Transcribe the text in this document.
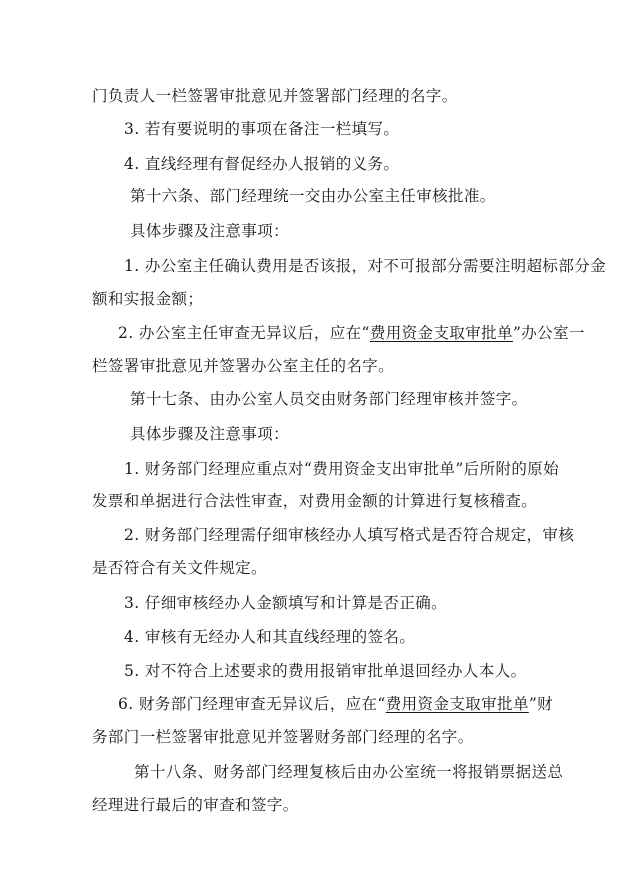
门负责人一栏签署审批意见并签署部门经理的名字。
3. 若有要说明的事项在备注一栏填写。
4. 直线经理有督促经办人报销的义务。
第十六条、部门经理统一交由办公室主任审核批准。
具体步骤及注意事项：
1. 办公室主任确认费用是否该报，对不可报部分需要注明超标部分金
额和实报金额；
2. 办公室主任审查无异议后，应在“费用资金支取审批单”办公室一
栏签署审批意见并签署办公室主任的名字。
第十七条、由办公室人员交由财务部门经理审核并签字。
具体步骤及注意事项：
1. 财务部门经理应重点对“费用资金支出审批单”后所附的原始
发票和单据进行合法性审查，对费用金额的计算进行复核稽查。
2. 财务部门经理需仔细审核经办人填写格式是否符合规定，审核
是否符合有关文件规定。
3. 仔细审核经办人金额填写和计算是否正确。
4. 审核有无经办人和其直线经理的签名。
5. 对不符合上述要求的费用报销审批单退回经办人本人。
6. 财务部门经理审查无异议后，应在“费用资金支取审批单”财
务部门一栏签署审批意见并签署财务部门经理的名字。
第十八条、财务部门经理复核后由办公室统一将报销票据送总
经理进行最后的审查和签字。
